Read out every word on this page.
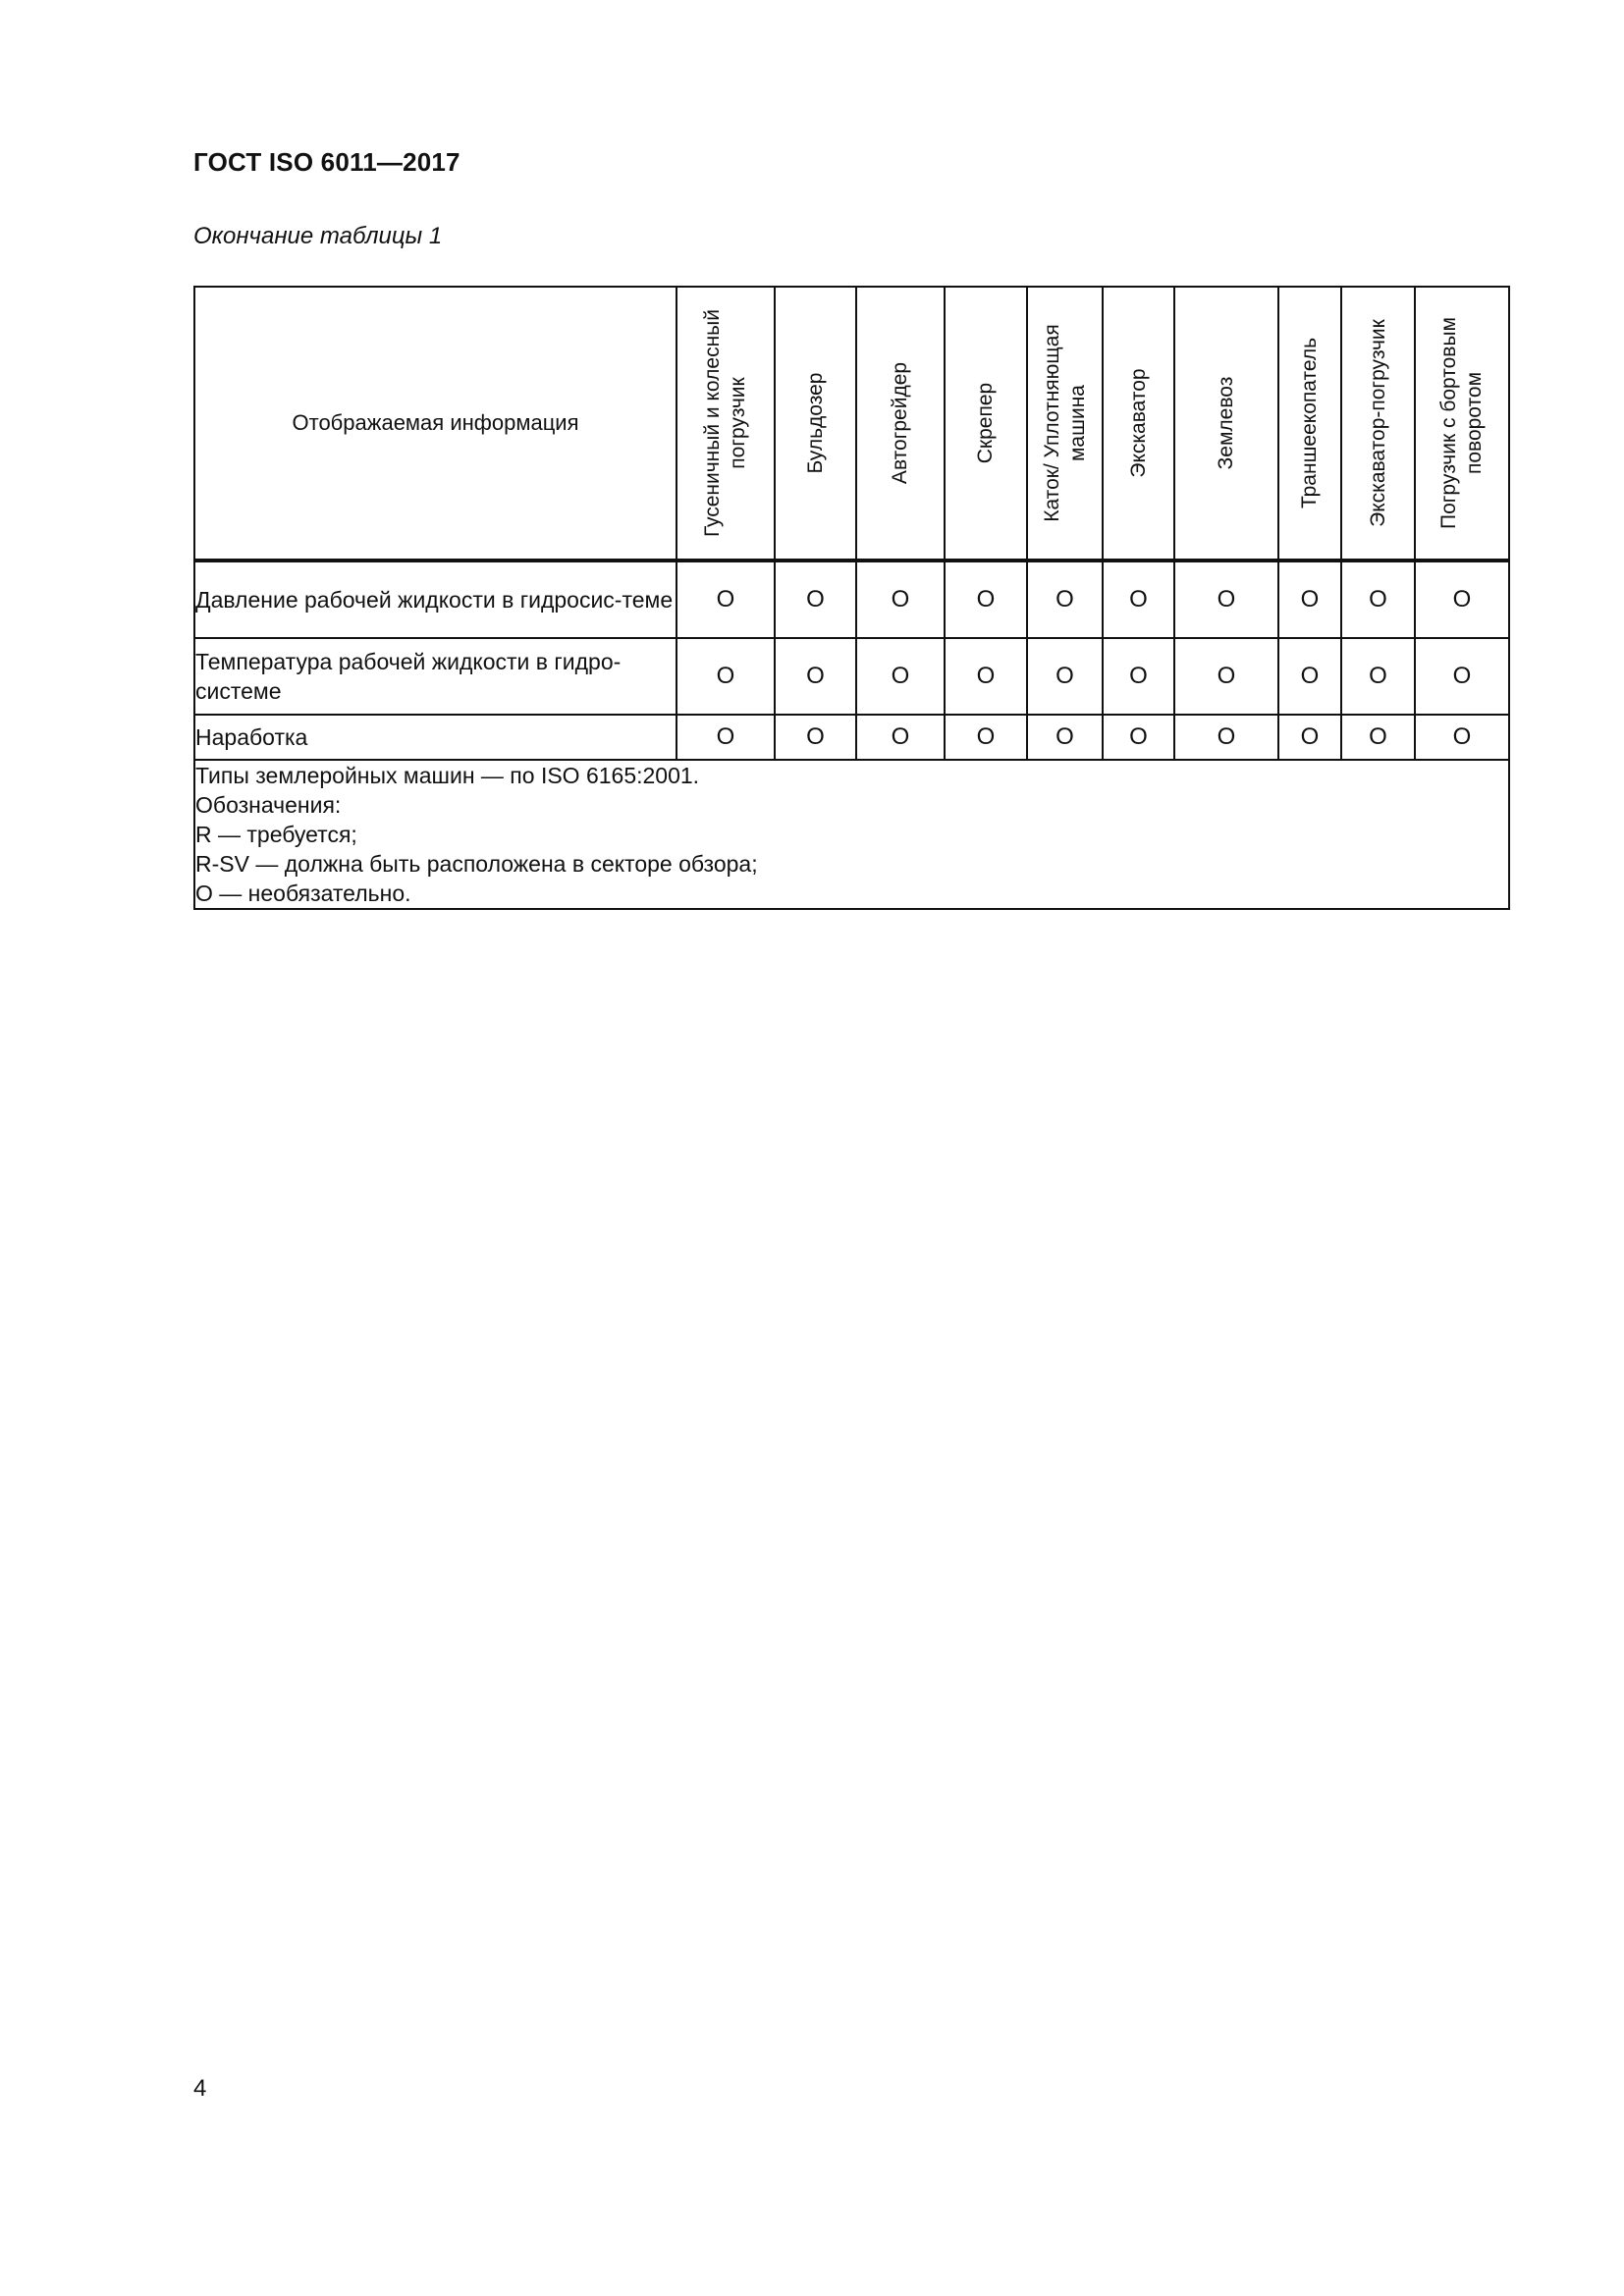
ГОСТ ISO 6011—2017
Окончание таблицы 1
Отображаемая информация	Гусеничный и колесный погрузчик	Бульдозер	Автогрейдер	Скрепер	Каток/ Уплотняющая машина	Экскаватор	Землевоз	Траншеекопатель	Экскаватор-погрузчик	Погрузчик с бортовым поворотом

Давление рабочей жидкости в гидросис-теме	O	O	O	O	O	O	O	O	O	O
Температура рабочей жидкости в гидро-системе	O	O	O	O	O	O	O	O	O	O
Наработка	O	O	O	O	O	O	O	O	O	O

Типы землеройных машин — по ISO 6165:2001.
Обозначения:
R — требуется;
R-SV — должна быть расположена в секторе обзора;
O — необязательно.										
4
